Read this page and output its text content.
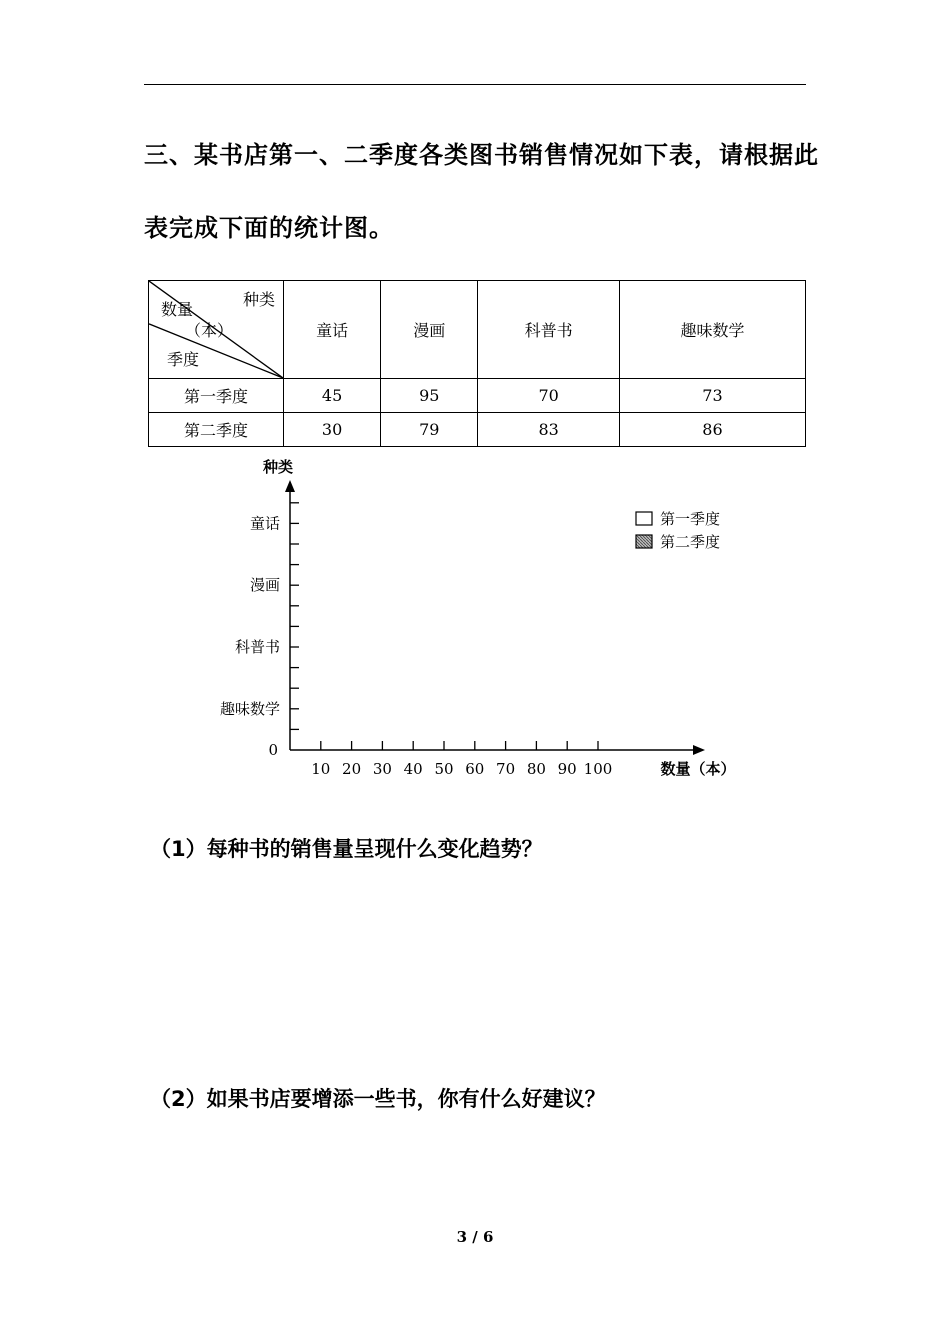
三、某书店第一、二季度各类图书销售情况如下表，请根据此
表完成下面的统计图。
种类
数量
（本）
季度	童话	漫画	科普书	趣味数学
第一季度	45	95	70	73
第二季度	30	79	83	86
童话
漫画
科普书
趣味数学
10 20 30 40 50 60 70 80 90 100
0
种类
数量（本）
第一季度
第二季度
（1）每种书的销售量呈现什么变化趋势？
（2）如果书店要增添一些书，你有什么好建议？
3 / 6
